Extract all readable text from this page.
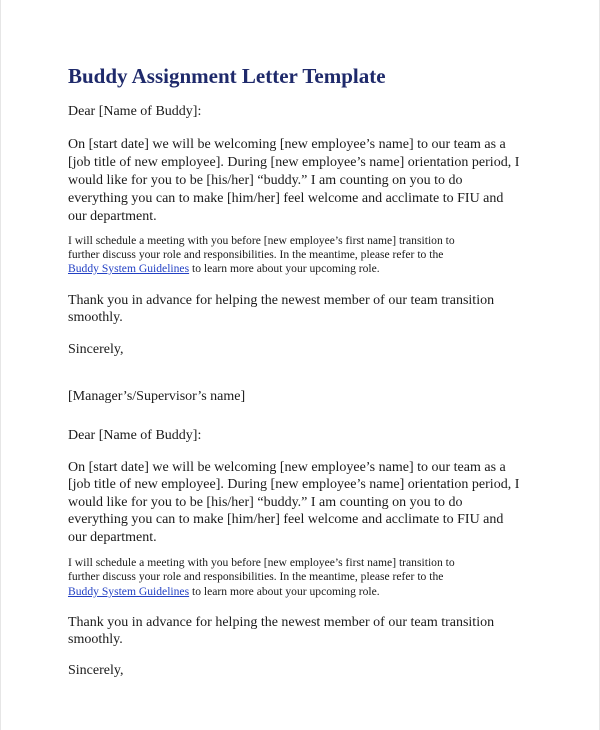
Buddy Assignment Letter Template

Dear [Name of Buddy]:

On [start date] we will be welcoming [new employee’s name] to our team as a

[job title of new employee]. During [new employee’s name] orientation period, I

would like for you to be [his/her] “buddy.” I am counting on you to do

everything you can to make [him/her] feel welcome and acclimate to FIU and

our department.

I will schedule a meeting with you before [new employee’s first name] transition to

further discuss your role and responsibilities. In the meantime, please refer to the

Buddy System Guidelines to learn more about your upcoming role.

Thank you in advance for helping the newest member of our team transition

smoothly.

Sincerely,

[Manager’s/Supervisor’s name]

Dear [Name of Buddy]:

On [start date] we will be welcoming [new employee’s name] to our team as a

[job title of new employee]. During [new employee’s name] orientation period, I

would like for you to be [his/her] “buddy.” I am counting on you to do

everything you can to make [him/her] feel welcome and acclimate to FIU and

our department.

I will schedule a meeting with you before [new employee’s first name] transition to

further discuss your role and responsibilities. In the meantime, please refer to the

Buddy System Guidelines to learn more about your upcoming role.

Thank you in advance for helping the newest member of our team transition

smoothly.

Sincerely,
